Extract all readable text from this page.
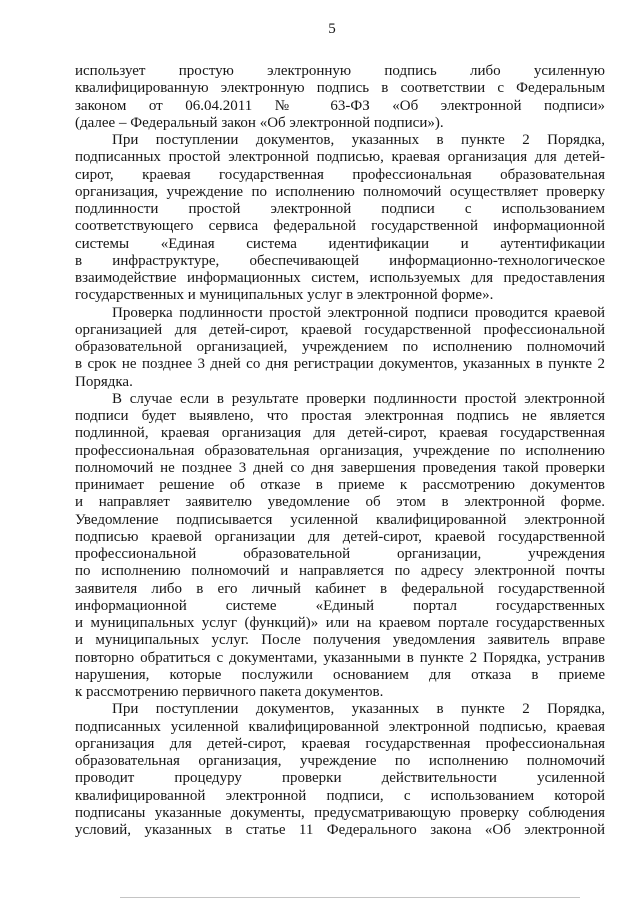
5
использует простую электронную подпись либо усиленную
квалифицированную электронную подпись в соответствии с Федеральным
законом от 06.04.2011 № 63-ФЗ «Об электронной подписи»
(далее – Федеральный закон «Об электронной подписи»).
При поступлении документов, указанных в пункте 2 Порядка,
подписанных простой электронной подписью, краевая организация для детей-
сирот, краевая государственная профессиональная образовательная
организация, учреждение по исполнению полномочий осуществляет проверку
подлинности простой электронной подписи с использованием
соответствующего сервиса федеральной государственной информационной
системы «Единая система идентификации и аутентификации
в инфраструктуре, обеспечивающей информационно-технологическое
взаимодействие информационных систем, используемых для предоставления
государственных и муниципальных услуг в электронной форме».
Проверка подлинности простой электронной подписи проводится краевой
организацией для детей-сирот, краевой государственной профессиональной
образовательной организацией, учреждением по исполнению полномочий
в срок не позднее 3 дней со дня регистрации документов, указанных в пункте 2
Порядка.
В случае если в результате проверки подлинности простой электронной
подписи будет выявлено, что простая электронная подпись не является
подлинной, краевая организация для детей-сирот, краевая государственная
профессиональная образовательная организация, учреждение по исполнению
полномочий не позднее 3 дней со дня завершения проведения такой проверки
принимает решение об отказе в приеме к рассмотрению документов
и направляет заявителю уведомление об этом в электронной форме.
Уведомление подписывается усиленной квалифицированной электронной
подписью краевой организации для детей-сирот, краевой государственной
профессиональной образовательной организации, учреждения
по исполнению полномочий и направляется по адресу электронной почты
заявителя либо в его личный кабинет в федеральной государственной
информационной системе «Единый портал государственных
и муниципальных услуг (функций)» или на краевом портале государственных
и муниципальных услуг. После получения уведомления заявитель вправе
повторно обратиться с документами, указанными в пункте 2 Порядка, устранив
нарушения, которые послужили основанием для отказа в приеме
к рассмотрению первичного пакета документов.
При поступлении документов, указанных в пункте 2 Порядка,
подписанных усиленной квалифицированной электронной подписью, краевая
организация для детей-сирот, краевая государственная профессиональная
образовательная организация, учреждение по исполнению полномочий
проводит процедуру проверки действительности усиленной
квалифицированной электронной подписи, с использованием которой
подписаны указанные документы, предусматривающую проверку соблюдения
условий, указанных в статье 11 Федерального закона «Об электронной
